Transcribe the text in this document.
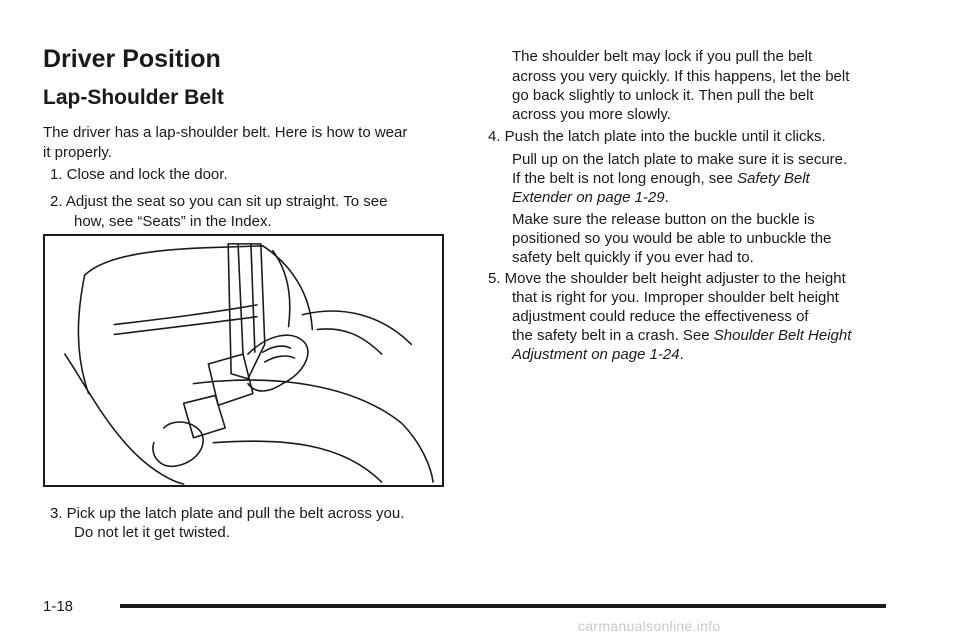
Driver Position
Lap-Shoulder Belt

The driver has a lap-shoulder belt. Here is how to wear

it properly.

1. Close and lock the door.

2. Adjust the seat so you can sit up straight. To see

how, see “Seats” in the Index.

3. Pick up the latch plate and pull the belt across you.

Do not let it get twisted.

The shoulder belt may lock if you pull the belt

across you very quickly. If this happens, let the belt

go back slightly to unlock it. Then pull the belt

across you more slowly.

4. Push the latch plate into the buckle until it clicks.

Pull up on the latch plate to make sure it is secure.

If the belt is not long enough, see Safety Belt

Extender on page 1-29.

Make sure the release button on the buckle is

positioned so you would be able to unbuckle the

safety belt quickly if you ever had to.

5. Move the shoulder belt height adjuster to the height

that is right for you. Improper shoulder belt height

adjustment could reduce the effectiveness of

the safety belt in a crash. See Shoulder Belt Height

Adjustment on page 1-24.

1-18
carmanualsonline.info
